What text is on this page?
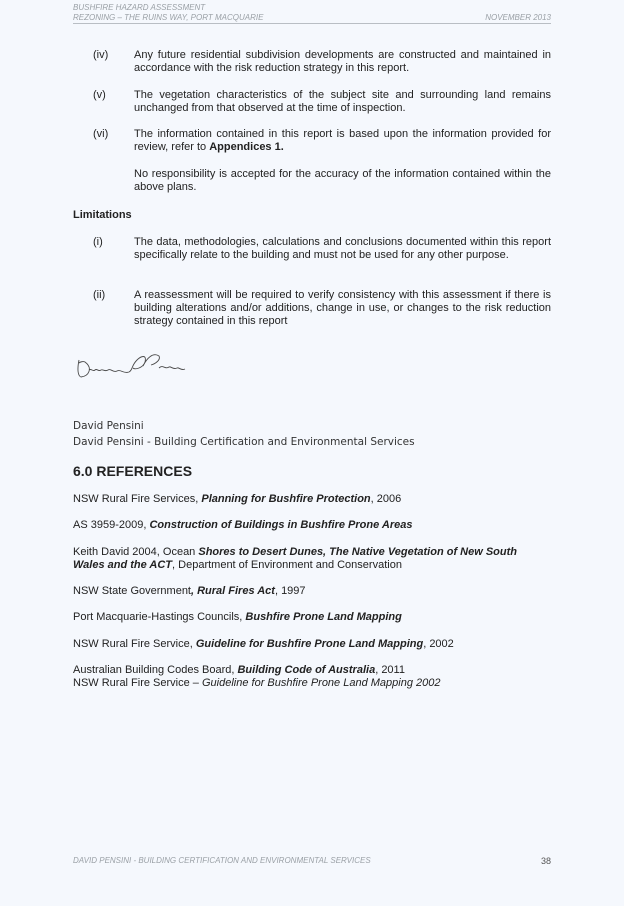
BUSHFIRE HAZARD ASSESSMENT
REZONING – THE RUINS WAY, PORT MACQUARIE	NOVEMBER 2013
(iv) Any future residential subdivision developments are constructed and maintained in accordance with the risk reduction strategy in this report.
(v)	The vegetation characteristics of the subject site and surrounding land remains unchanged from that observed at the time of inspection.
(vi) The information contained in this report is based upon the information provided for review, refer to Appendices 1.
No responsibility is accepted for the accuracy of the information contained within the above plans.
Limitations
(i)	The data, methodologies, calculations and conclusions documented within this report specifically relate to the building and must not be used for any other purpose.
(ii)	A reassessment will be required to verify consistency with this assessment if there is building alterations and/or additions, change in use, or changes to the risk reduction strategy contained in this report
David Pensini
David Pensini - Building Certification and Environmental Services
6.0 REFERENCES
NSW Rural Fire Services, Planning for Bushfire Protection, 2006
AS 3959-2009, Construction of Buildings in Bushfire Prone Areas
Keith David 2004, Ocean Shores to Desert Dunes, The Native Vegetation of New South Wales and the ACT, Department of Environment and Conservation
NSW State Government, Rural Fires Act, 1997
Port Macquarie-Hastings Councils, Bushfire Prone Land Mapping
NSW Rural Fire Service, Guideline for Bushfire Prone Land Mapping, 2002
Australian Building Codes Board, Building Code of Australia, 2011
NSW Rural Fire Service – Guideline for Bushfire Prone Land Mapping 2002
DAVID PENSINI - BUILDING CERTIFICATION AND ENVIRONMENTAL SERVICES	38
